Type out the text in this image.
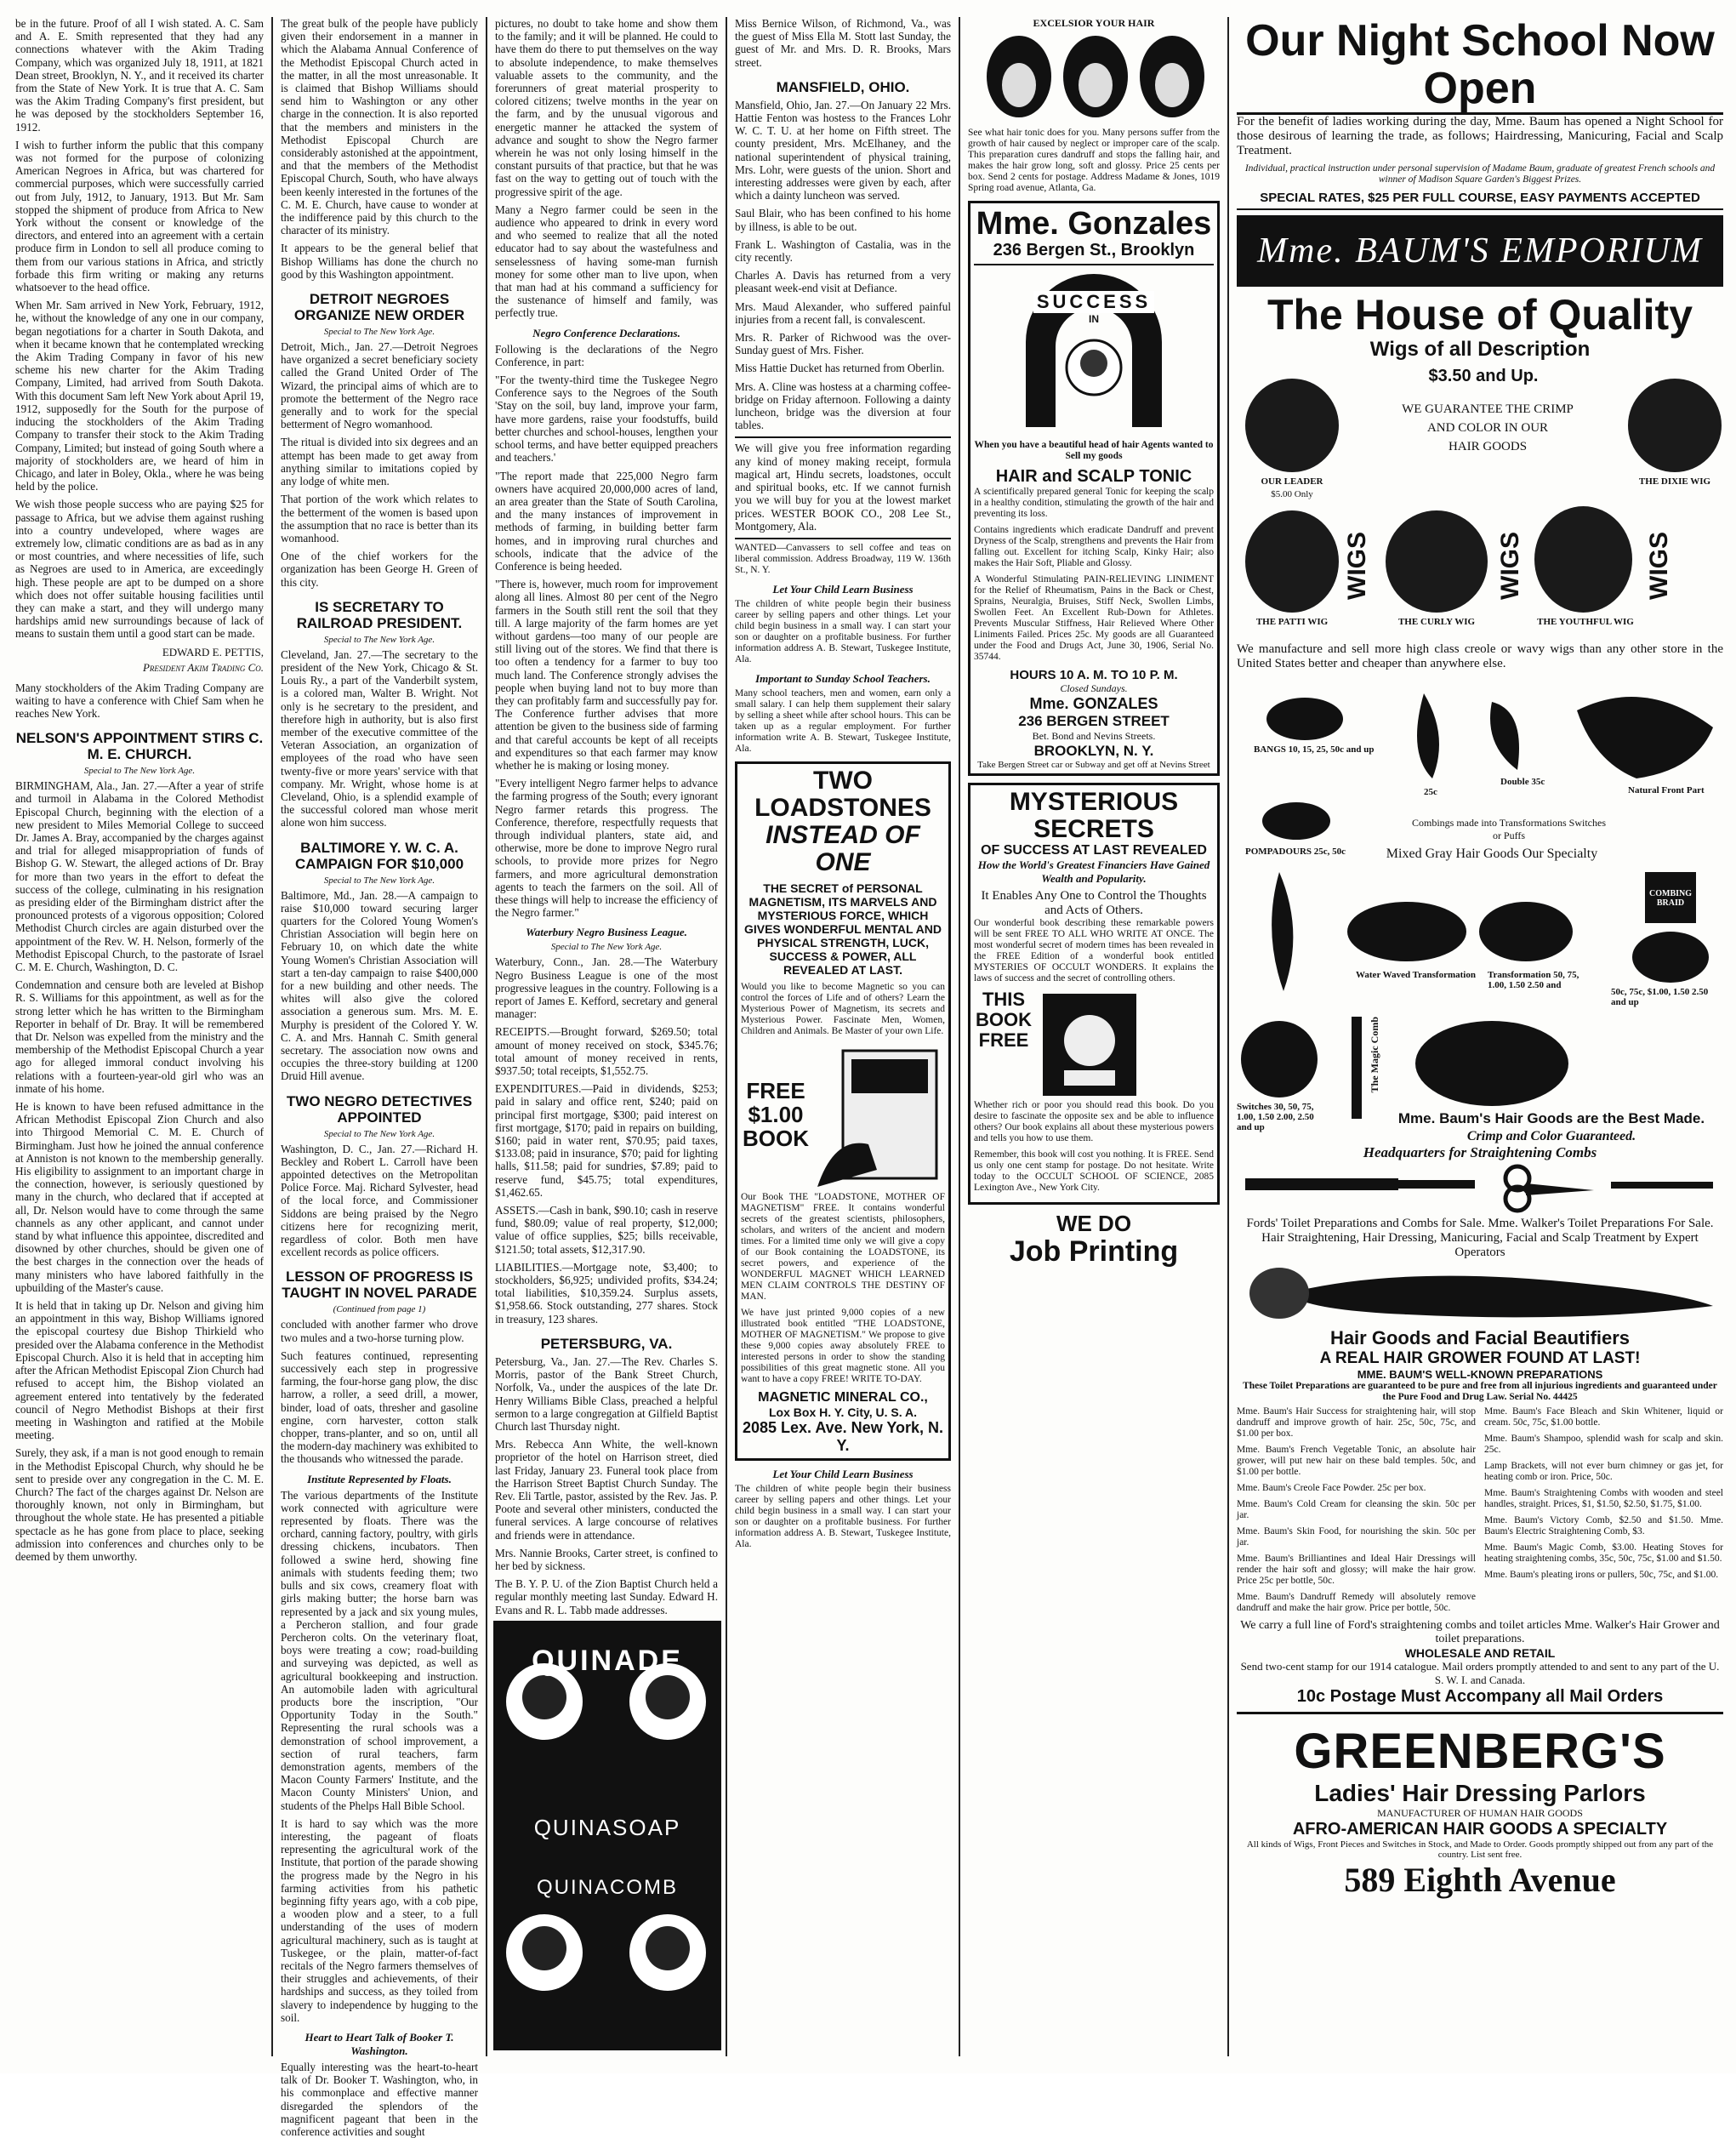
be in the future. Proof of all I wish stated. A. C. Sam and A. E. Smith represented that they had any connections whatever with the Akim Trading Company, which was organized July 18, 1911, at 1821 Dean street, Brooklyn, N. Y., and it received its charter from the State of New York. It is true that A. C. Sam was the Akim Trading Company's first president, but he was deposed by the stockholders September 16, 1912.

I wish to further inform the public that this company was not formed for the purpose of colonizing American Negroes in Africa, but was chartered for commercial purposes, which were successfully carried out from July, 1912, to January, 1913. But Mr. Sam stopped the shipment of produce from Africa to New York without the consent or knowledge of the directors, and entered into an agreement with a certain produce firm in London to sell all produce coming to them from our various stations in Africa, and strictly forbade this firm writing or making any returns whatsoever to the head office.

When Mr. Sam arrived in New York, February, 1912, he, without the knowledge of any one in our company, began negotiations for a charter in South Dakota, and when it became known that he contemplated wrecking the Akim Trading Company in favor of his new scheme his new charter for the Akim Trading Company, Limited, had arrived from South Dakota. With this document Sam left New York about April 19, 1912, supposedly for the South for the purpose of inducing the stockholders of the Akim Trading Company to transfer their stock to the Akim Trading Company, Limited; but instead of going South where a majority of stockholders are, we heard of him in Chicago, and later in Boley, Okla., where he was being held by the police.

We wish those people success who are paying $25 for passage to Africa, but we advise them against rushing into a country undeveloped, where wages are extremely low, climatic conditions are as bad as in any or most countries, and where necessities of life, such as Negroes are used to in America, are exceedingly high. These people are apt to be dumped on a shore which does not offer suitable housing facilities until they can make a start, and they will undergo many hardships amid new surroundings because of lack of means to sustain them until a good start can be made.

EDWARD E. PETTIS,
President Akim Trading Co.

Many stockholders of the Akim Trading Company are waiting to have a conference with Chief Sam when he reaches New York.

NELSON'S APPOINTMENT STIRS C. M. E. CHURCH.
Special to The New York Age.

BIRMINGHAM, Ala., Jan. 27.—After a year of strife and turmoil in Alabama in the Colored Methodist Episcopal Church, beginning with the election of a new president to Miles Memorial College to succeed Dr. James A. Bray, accompanied by the charges against and trial for alleged misappropriation of funds of Bishop G. W. Stewart, the alleged actions of Dr. Bray for more than two years in the effort to defeat the success of the college, culminating in his resignation as presiding elder of the Birmingham district after the pronounced protests of a vigorous opposition; Colored Methodist Church circles are again disturbed over the appointment of the Rev. W. H. Nelson, formerly of the Methodist Episcopal Church, to the pastorate of Israel C. M. E. Church, Washington, D. C.

Condemnation and censure both are leveled at Bishop R. S. Williams for this appointment, as well as for the strong letter which he has written to the Birmingham Reporter in behalf of Dr. Bray. It will be remembered that Dr. Nelson was expelled from the ministry and the membership of the Methodist Episcopal Church a year ago for alleged immoral conduct involving his relations with a fourteen-year-old girl who was an inmate of his home.

He is known to have been refused admittance in the African Methodist Episcopal Zion Church and also into Thirgood Memorial C. M. E. Church of Birmingham. Just how he joined the annual conference at Anniston is not known to the membership generally. His eligibility to assignment to an important charge in the connection, however, is seriously questioned by many in the church, who declared that if accepted at all, Dr. Nelson would have to come through the same channels as any other applicant, and cannot under stand by what influence this appointee, discredited and disowned by other churches, should be given one of the best charges in the connection over the heads of many ministers who have labored faithfully in the upbuilding of the Master's cause.

It is held that in taking up Dr. Nelson and giving him an appointment in this way, Bishop Williams ignored the episcopal courtesy due Bishop Thirkield who presided over the Alabama conference in the Methodist Episcopal Church. Also it is held that in accepting him after the African Methodist Episcopal Zion Church had refused to accept him, the Bishop violated an agreement entered into tentatively by the federated council of Negro Methodist Bishops at their first meeting in Washington and ratified at the Mobile meeting.

Surely, they ask, if a man is not good enough to remain in the Methodist Episcopal Church, why should he be sent to preside over any congregation in the C. M. E. Church? The fact of the charges against Dr. Nelson are thoroughly known, not only in Birmingham, but throughout the whole state. He has presented a pitiable spectacle as he has gone from place to place, seeking admission into conferences and churches only to be deemed by them unworthy.

The great bulk of the people have publicly given their endorsement in a manner in which the Alabama Annual Conference of the Methodist Episcopal Church acted in the matter, in all the most unreasonable. It is claimed that Bishop Williams should send him to Washington or any other charge in the connection. It is also reported that the members and ministers in the Methodist Episcopal Church are considerably astonished at the appointment, and that the members of the Methodist Episcopal Church, South, who have always been keenly interested in the fortunes of the C. M. E. Church, have cause to wonder at the indifference paid by this church to the character of its ministry.

It appears to be the general belief that Bishop Williams has done the church no good by this Washington appointment.

DETROIT NEGROES ORGANIZE NEW ORDER
Special to The New York Age.

Detroit, Mich., Jan. 27.—Detroit Negroes have organized a secret beneficiary society called the Grand United Order of The Wizard, the principal aims of which are to promote the betterment of the Negro race generally and to work for the special betterment of Negro womanhood.

The ritual is divided into six degrees and an attempt has been made to get away from anything similar to imitations copied by any lodge of white men.

That portion of the work which relates to the betterment of the women is based upon the assumption that no race is better than its womanhood.

One of the chief workers for the organization has been George H. Green of this city.

IS SECRETARY TO RAILROAD PRESIDENT.
Special to The New York Age.

Cleveland, Jan. 27.—The secretary to the president of the New York, Chicago & St. Louis Ry., a part of the Vanderbilt system, is a colored man, Walter B. Wright. Not only is he secretary to the president, and therefore high in authority, but is also first member of the executive committee of the Veteran Association, an organization of employees of the road who have seen twenty-five or more years' service with that company. Mr. Wright, whose home is at Cleveland, Ohio, is a splendid example of the successful colored man whose merit alone won him success.

BALTIMORE Y. W. C. A. CAMPAIGN FOR $10,000
Special to The New York Age.

Baltimore, Md., Jan. 28.—A campaign to raise $10,000 toward securing larger quarters for the Colored Young Women's Christian Association will begin here on February 10, on which date the white Young Women's Christian Association will start a ten-day campaign to raise $400,000 for a new building and other needs. The whites will also give the colored association a generous sum. Mrs. M. E. Murphy is president of the Colored Y. W. C. A. and Mrs. Hannah C. Smith general secretary. The association now owns and occupies the three-story building at 1200 Druid Hill avenue.

TWO NEGRO DETECTIVES APPOINTED
Special to The New York Age.

Washington, D. C., Jan. 27.—Richard H. Beckley and Robert L. Carroll have been appointed detectives on the Metropolitan Police Force. Maj. Richard Sylvester, head of the local force, and Commissioner Siddons are being praised by the Negro citizens here for recognizing merit, regardless of color. Both men have excellent records as police officers.

LESSON OF PROGRESS IS TAUGHT IN NOVEL PARADE
(Continued from page 1)

concluded with another farmer who drove two mules and a two-horse turning plow.

Such features continued, representing successively each step in progressive farming, the four-horse gang plow, the disc harrow, a roller, a seed drill, a mower, binder, load of oats, thresher and gasoline engine, corn harvester, cotton stalk chopper, trans-planter, and so on, until all the modern-day machinery was exhibited to the thousands who witnessed the parade.

Institute Represented by Floats.

The various departments of the Institute work connected with agriculture were represented by floats. There was the orchard, canning factory, poultry, with girls dressing chickens, incubators. Then followed a swine herd, showing fine animals with students feeding them; two bulls and six cows, creamery float with girls making butter; the horse barn was represented by a jack and six young mules, a Percheron stallion, and four grade Percheron colts. On the veterinary float, boys were treating a cow; road-building and surveying was depicted, as well as agricultural bookkeeping and instruction. An automobile laden with agricultural products bore the inscription, "Our Opportunity Today in the South." Representing the rural schools was a demonstration of school improvement, a section of rural teachers, farm demonstration agents, members of the Macon County Farmers' Institute, and the Macon County Ministers' Union, and students of the Phelps Hall Bible School.

It is hard to say which was the more interesting, the pageant of floats representing the agricultural work of the Institute, that portion of the parade showing the progress made by the Negro in his farming activities from his pathetic beginning fifty years ago, with a cob pipe, a wooden plow and a steer, to a full understanding of the uses of modern agricultural machinery, such as is taught at Tuskegee, or the plain, matter-of-fact recitals of the Negro farmers themselves of their struggles and achievements, of their hardships and success, as they toiled from slavery to independence by hugging to the soil.

Heart to Heart Talk of Booker T. Washington.

Equally interesting was the heart-to-heart talk of Dr. Booker T. Washington, who, in his commonplace and effective manner disregarded the splendors of the magnificent pageant that been in the conference activities and sought

pictures, no doubt to take home and show them to the family; and it will be planned. He could to have them do there to put themselves on the way to absolute independence, to make themselves valuable assets to the community, and the forerunners of great material prosperity to colored citizens; twelve months in the year on the farm, and by the unusual vigorous and energetic manner he attacked the system of advance and sought to show the Negro farmer wherein he was not only losing himself in the constant pursuits of that practice, but that he was fast on the way to getting out of touch with the progressive spirit of the age.

Many a Negro farmer could be seen in the audience who appeared to drink in every word and who seemed to realize that all the noted educator had to say about the wastefulness and senselessness of having some-man furnish money for some other man to live upon, when that man had at his command a sufficiency for the sustenance of himself and family, was perfectly true.

Negro Conference Declarations.

Following is the declarations of the Negro Conference, in part:

"For the twenty-third time the Tuskegee Negro Conference says to the Negroes of the South 'Stay on the soil, buy land, improve your farm, have more gardens, raise your foodstuffs, build better churches and school-houses, lengthen your school terms, and have better equipped preachers and teachers.'

"The report made that 225,000 Negro farm owners have acquired 20,000,000 acres of land, an area greater than the State of South Carolina, and the many instances of improvement in methods of farming, in building better farm homes, and in improving rural churches and schools, indicate that the advice of the Conference is being heeded.

"There is, however, much room for improvement along all lines. Almost 80 per cent of the Negro farmers in the South still rent the soil that they till. A large majority of the farm homes are yet without gardens—too many of our people are still living out of the stores. We find that there is too often a tendency for a farmer to buy too much land. The Conference strongly advises the people when buying land not to buy more than they can profitably farm and successfully pay for. The Conference further advises that more attention be given to the business side of farming and that careful accounts be kept of all receipts and expenditures so that each farmer may know whether he is making or losing money.

"Every intelligent Negro farmer helps to advance the farming progress of the South; every ignorant Negro farmer retards this progress. The Conference, therefore, respectfully requests that through individual planters, state aid, and otherwise, more be done to improve Negro rural schools, to provide more prizes for Negro farmers, and more agricultural demonstration agents to teach the farmers on the soil. All of these things will help to increase the efficiency of the Negro farmer."

Waterbury Negro Business League.
Special to The New York Age.

Waterbury, Conn., Jan. 28.—The Waterbury Negro Business League is one of the most progressive leagues in the country. Following is a report of James E. Kefford, secretary and general manager:

RECEIPTS.—Brought forward, $269.50; total amount of money received on stock, $345.76; total amount of money received in rents, $937.50; total receipts, $1,552.75.

EXPENDITURES.—Paid in dividends, $253; paid in salary and office rent, $240; paid on principal first mortgage, $300; paid interest on first mortgage, $170; paid in repairs on building, $160; paid in water rent, $70.95; paid taxes, $133.08; paid in insurance, $70; paid for lighting halls, $11.58; paid for sundries, $7.89; paid to reserve fund, $45.75; total expenditures, $1,462.65.

ASSETS.—Cash in bank, $90.10; cash in reserve fund, $80.09; value of real property, $12,000; value of office supplies, $25; bills receivable, $121.50; total assets, $12,317.90.

LIABILITIES.—Mortgage note, $3,400; to stockholders, $6,925; undivided profits, $34.24; total liabilities, $10,359.24. Surplus assets, $1,958.66. Stock outstanding, 277 shares. Stock in treasury, 123 shares.

PETERSBURG, VA.

Petersburg, Va., Jan. 27.—The Rev. Charles S. Morris, pastor of the Bank Street Church, Norfolk, Va., under the auspices of the late Dr. Henry Williams Bible Class, preached a helpful sermon to a large congregation at Gilfield Baptist Church last Thursday night.

Mrs. Rebecca Ann White, the well-known proprietor of the hotel on Harrison street, died last Friday, January 23. Funeral took place from the Harrison Street Baptist Church Sunday. The Rev. Eli Tartle, pastor, assisted by the Rev. Jas. P. Poote and several other ministers, conducted the funeral services. A large concourse of relatives and friends were in attendance.

Mrs. Nannie Brooks, Carter street, is confined to her bed by sickness.

The B. Y. P. U. of the Zion Baptist Church held a regular monthly meeting last Sunday. Edward H. Evans and R. L. Tabb made addresses.

QUINADE
QUINASOAP
QUINACOMB

Miss Bernice Wilson, of Richmond, Va., was the guest of Miss Ella M. Stott last Sunday, the guest of Mr. and Mrs. D. R. Brooks, Mars street.

MANSFIELD, OHIO.

Mansfield, Ohio, Jan. 27.—On January 22 Mrs. Hattie Fenton was hostess to the Frances Lohr W. C. T. U. at her home on Fifth street. The county president, Mrs. McElhaney, and the national superintendent of physical training, Mrs. Lohr, were guests of the union. Short and interesting addresses were given by each, after which a dainty luncheon was served.

Saul Blair, who has been confined to his home by illness, is able to be out.

Frank L. Washington of Castalia, was in the city recently.

Charles A. Davis has returned from a very pleasant week-end visit at Defiance.

Mrs. Maud Alexander, who suffered painful injuries from a recent fall, is convalescent.

Mrs. R. Parker of Richwood was the over-Sunday guest of Mrs. Fisher.

Miss Hattie Ducket has returned from Oberlin.

Mrs. A. Cline was hostess at a charming coffee-bridge on Friday afternoon. Following a dainty luncheon, bridge was the diversion at four tables.

We will give you free information regarding any kind of money making receipt, formula magical art, Hindu secrets, loadstones, occult and spiritual books, etc. If we cannot furnish you we will buy for you at the lowest market prices. WESTER BOOK CO., 208 Lee St., Montgomery, Ala.

WANTED—Canvassers to sell coffee and teas on liberal commission. Address Broadway, 119 W. 136th St., N. Y.

Let Your Child Learn Business

The children of white people begin their business career by selling papers and other things. Let your child begin business in a small way. I can start your son or daughter on a profitable business. For further information address A. B. Stewart, Tuskegee Institute, Ala.

Important to Sunday School Teachers.

Many school teachers, men and women, earn only a small salary. I can help them supplement their salary by selling a sheet while after school hours. This can be taken up as a regular employment. For further information write A. B. Stewart, Tuskegee Institute, Ala.

TWO LOADSTONES
INSTEAD OF ONE
THE SECRET of PERSONAL MAGNETISM, ITS MARVELS AND MYSTERIOUS FORCE, WHICH GIVES WONDERFUL MENTAL AND PHYSICAL STRENGTH, LUCK, SUCCESS & POWER, ALL REVEALED AT LAST.

Would you like to become Magnetic so you can control the forces of Life and of others? Learn the Mysterious Power of Magnetism, its secrets and Mysterious Power. Fascinate Men, Women, Children and Animals. Be Master of your own Life.

FREE $1.00 BOOK

Our Book THE "LOADSTONE, MOTHER OF MAGNETISM" FREE. It contains wonderful secrets of the greatest scientists, philosophers, scholars, and writers of the ancient and modern times. For a limited time only we will give a copy of our Book containing the LOADSTONE, its secret powers, and experience of the WONDERFUL MAGNET WHICH LEARNED MEN CLAIM CONTROLS THE DESTINY OF MAN.

We have just printed 9,000 copies of a new illustrated book entitled "THE LOADSTONE, MOTHER OF MAGNETISM." We propose to give these 9,000 copies away absolutely FREE to interested persons in order to show the standing possibilities of this great magnetic stone. All you want to have a copy FREE! WRITE TO-DAY.

MAGNETIC MINERAL CO.,
Lox Box H. Y. City, U. S. A.
2085 Lex. Ave. New York, N. Y.
Let Your Child Learn Business

The children of white people begin their business career by selling papers and other things. Let your child begin business in a small way. I can start your son or daughter on a profitable business. For further information address A. B. Stewart, Tuskegee Institute, Ala.

EXCELSIOR YOUR HAIR

See what hair tonic does for you. Many persons suffer from the growth of hair caused by neglect or improper care of the scalp. This preparation cures dandruff and stops the falling hair, and makes the hair grow long, soft and glossy. Price 25 cents per box. Send 2 cents for postage. Address Madame & Jones, 1019 Spring road avenue, Atlanta, Ga.

Mme. Gonzales
236 Bergen St., Brooklyn
SUCCESS
IN

When you have a beautiful head of hair Agents wanted to Sell my goods

HAIR and SCALP TONIC

A scientifically prepared general Tonic for keeping the scalp in a healthy condition, stimulating the growth of the hair and preventing its loss.

Contains ingredients which eradicate Dandruff and prevent Dryness of the Scalp, strengthens and prevents the Hair from falling out. Excellent for itching Scalp, Kinky Hair; also makes the Hair Soft, Pliable and Glossy.

A Wonderful Stimulating PAIN-RELIEVING LINIMENT for the Relief of Rheumatism, Pains in the Back or Chest, Sprains, Neuralgia, Bruises, Stiff Neck, Swollen Limbs, Swollen Feet. An Excellent Rub-Down for Athletes. Prevents Muscular Stiffness, Hair Relieved Where Other Liniments Failed. Prices 25c. My goods are all Guaranteed under the Food and Drugs Act, June 30, 1906, Serial No. 35744.

HOURS 10 A. M. TO 10 P. M.
Closed Sundays.
Mme. GONZALES
236 BERGEN STREET
Bet. Bond and Nevins Streets.
BROOKLYN, N. Y.
Take Bergen Street car or Subway and get off at Nevins Street
MYSTERIOUS SECRETS
OF SUCCESS AT LAST REVEALED
How the World's Greatest Financiers Have Gained Wealth and Popularity.
It Enables Any One to Control the Thoughts and Acts of Others.

Our wonderful book describing these remarkable powers will be sent FREE TO ALL WHO WRITE AT ONCE. The most wonderful secret of modern times has been revealed in the FREE Edition of a wonderful book entitled MYSTERIES OF OCCULT WONDERS. It explains the laws of success and the secret of controlling others.

THIS BOOK FREE

Whether rich or poor you should read this book. Do you desire to fascinate the opposite sex and be able to influence others? Our book explains all about these mysterious powers and tells you how to use them.

Remember, this book will cost you nothing. It is FREE. Send us only one cent stamp for postage. Do not hesitate. Write today to the OCCULT SCHOOL OF SCIENCE, 2085 Lexington Ave., New York City.

WE DO
Job Printing
Our Night School Now Open

For the benefit of ladies working during the day, Mme. Baum has opened a Night School for those desirous of learning the trade, as follows; Hairdressing, Manicuring, Facial and Scalp Treatment.

Individual, practical instruction under personal supervision of Madame Baum, graduate of greatest French schools and winner of Madison Square Garden's Biggest Prizes.

SPECIAL RATES, $25 PER FULL COURSE, EASY PAYMENTS ACCEPTED
Mme. BAUM'S EMPORIUM
The House of Quality
Wigs of all Description
$3.50 and Up.
OUR LEADER
$5.00 Only
WE GUARANTEE THE CRIMP
AND COLOR IN OUR
HAIR GOODS
THE DIXIE WIG
THE PATTI WIG
WIGS
THE CURLY WIG
WIGS
THE YOUTHFUL WIG
WIGS

We manufacture and sell more high class creole or wavy wigs than any other store in the United States better and cheaper than anywhere else.

BANGS 10, 15, 25, 50c and up
POMPADOURS 25c, 50c
25c
Double 35c
Natural Front Part
Combings made into Transformations Switches or Puffs
Mixed Gray Hair Goods Our Specialty
COMBING BRAID
Water Waved Transformation Transformation 50, 75, 1.00, 1.50 2.50 and
50c, 75c, $1.00, 1.50 2.50 and up
Switches 30, 50, 75, 1.00, 1.50 2.00, 2.50 and up
The Magic Comb
Mme. Baum's Hair Goods are the Best Made.
Crimp and Color Guaranteed.
Headquarters for Straightening Combs
Fords' Toilet Preparations and Combs for Sale. Mme. Walker's Toilet Preparations For Sale.
Hair Straightening, Hair Dressing, Manicuring, Facial and Scalp Treatment by Expert Operators
Hair Goods and Facial Beautifiers
A REAL HAIR GROWER FOUND AT LAST!
MME. BAUM'S WELL-KNOWN PREPARATIONS
These Toilet Preparations are guaranteed to be pure and free from all injurious ingredients and guaranteed under the Pure Food and Drug Law. Serial No. 44425

Mme. Baum's Hair Success for straightening hair, will stop dandruff and improve growth of hair. 25c, 50c, 75c, and $1.00 per box.

Mme. Baum's French Vegetable Tonic, an absolute hair grower, will put new hair on these bald temples. 50c, and $1.00 per bottle.

Mme. Baum's Creole Face Powder. 25c per box.

Mme. Baum's Cold Cream for cleansing the skin. 50c per jar.

Mme. Baum's Skin Food, for nourishing the skin. 50c per jar.

Mme. Baum's Brilliantines and Ideal Hair Dressings will render the hair soft and glossy; will make the hair grow. Price 25c per bottle, 50c.

Mme. Baum's Dandruff Remedy will absolutely remove dandruff and make the hair grow. Price per bottle, 50c.

Mme. Baum's Face Bleach and Skin Whitener, liquid or cream. 50c, 75c, $1.00 bottle.

Mme. Baum's Shampoo, splendid wash for scalp and skin. 25c.

Lamp Brackets, will not ever burn chimney or gas jet, for heating comb or iron. Price, 50c.

Mme. Baum's Straightening Combs with wooden and steel handles, straight. Prices, $1, $1.50, $2.50, $1.75, $1.00.

Mme. Baum's Victory Comb, $2.50 and $1.50. Mme. Baum's Electric Straightening Comb, $3.

Mme. Baum's Magic Comb, $3.00. Heating Stoves for heating straightening combs, 35c, 50c, 75c, $1.00 and $1.50.

Mme. Baum's pleating irons or pullers, 50c, 75c, and $1.00.

We carry a full line of Ford's straightening combs and toilet articles Mme. Walker's Hair Grower and toilet preparations.
WHOLESALE AND RETAIL
Send two-cent stamp for our 1914 catalogue. Mail orders promptly attended to and sent to any part of the U. S. W. I. and Canada.
10c Postage Must Accompany all Mail Orders
GREENBERG'S
Ladies' Hair Dressing Parlors
MANUFACTURER OF HUMAN HAIR GOODS
AFRO-AMERICAN HAIR GOODS A SPECIALTY
All kinds of Wigs, Front Pieces and Switches in Stock, and Made to Order. Goods promptly shipped out from any part of the country. List sent free.
589 Eighth Avenue
